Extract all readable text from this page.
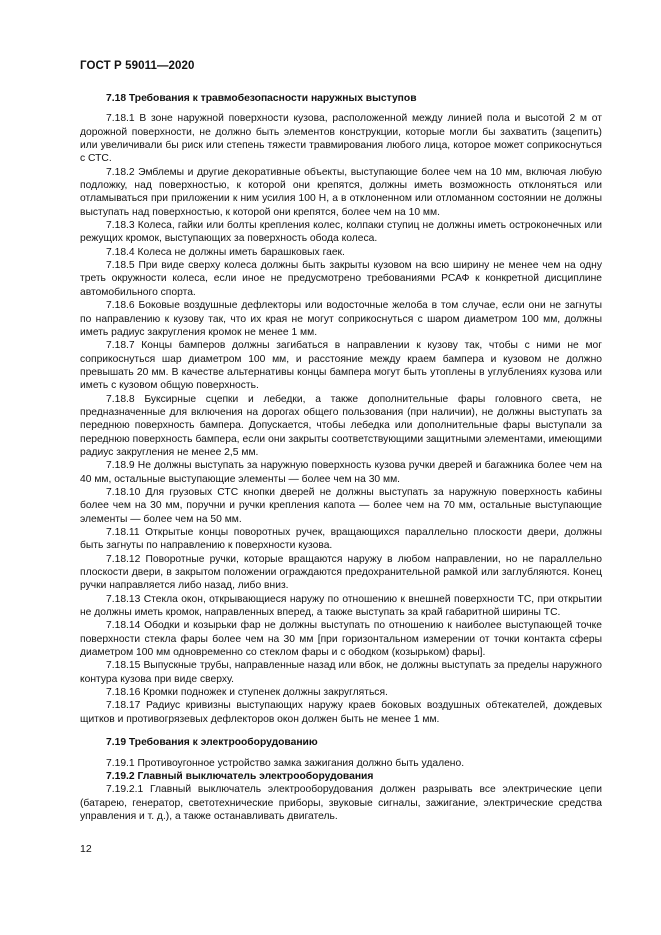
ГОСТ Р 59011—2020
7.18 Требования к травмобезопасности наружных выступов

7.18.1 В зоне наружной поверхности кузова, расположенной между линией пола и высотой 2 м от дорожной поверхности, не должно быть элементов конструкции, которые могли бы захватить (зацепить) или увеличивали бы риск или степень тяжести травмирования любого лица, которое может соприкоснуться с СТС.

7.18.2 Эмблемы и другие декоративные объекты, выступающие более чем на 10 мм, включая любую подложку, над поверхностью, к которой они крепятся, должны иметь возможность отклоняться или отламываться при приложении к ним усилия 100 Н, а в отклоненном или отломанном состоянии не должны выступать над поверхностью, к которой они крепятся, более чем на 10 мм.

7.18.3 Колеса, гайки или болты крепления колес, колпаки ступиц не должны иметь остроконечных или режущих кромок, выступающих за поверхность обода колеса.

7.18.4 Колеса не должны иметь барашковых гаек.

7.18.5 При виде сверху колеса должны быть закрыты кузовом на всю ширину не менее чем на одну треть окружности колеса, если иное не предусмотрено требованиями РСАФ к конкретной дисциплине автомобильного спорта.

7.18.6 Боковые воздушные дефлекторы или водосточные желоба в том случае, если они не загнуты по направлению к кузову так, что их края не могут соприкоснуться с шаром диаметром 100 мм, должны иметь радиус закругления кромок не менее 1 мм.

7.18.7 Концы бамперов должны загибаться в направлении к кузову так, чтобы с ними не мог соприкоснуться шар диаметром 100 мм, и расстояние между краем бампера и кузовом не должно превышать 20 мм. В качестве альтернативы концы бампера могут быть утоплены в углублениях кузова или иметь с кузовом общую поверхность.

7.18.8 Буксирные сцепки и лебедки, а также дополнительные фары головного света, не предназначенные для включения на дорогах общего пользования (при наличии), не должны выступать за переднюю поверхность бампера. Допускается, чтобы лебедка или дополнительные фары выступали за переднюю поверхность бампера, если они закрыты соответствующими защитными элементами, имеющими радиус закругления не менее 2,5 мм.

7.18.9 Не должны выступать за наружную поверхность кузова ручки дверей и багажника более чем на 40 мм, остальные выступающие элементы — более чем на 30 мм.

7.18.10 Для грузовых СТС кнопки дверей не должны выступать за наружную поверхность кабины более чем на 30 мм, поручни и ручки крепления капота — более чем на 70 мм, остальные выступающие элементы — более чем на 50 мм.

7.18.11 Открытые концы поворотных ручек, вращающихся параллельно плоскости двери, должны быть загнуты по направлению к поверхности кузова.

7.18.12 Поворотные ручки, которые вращаются наружу в любом направлении, но не параллельно плоскости двери, в закрытом положении ограждаются предохранительной рамкой или заглубляются. Конец ручки направляется либо назад, либо вниз.

7.18.13 Стекла окон, открывающиеся наружу по отношению к внешней поверхности ТС, при открытии не должны иметь кромок, направленных вперед, а также выступать за край габаритной ширины ТС.

7.18.14 Ободки и козырьки фар не должны выступать по отношению к наиболее выступающей точке поверхности стекла фары более чем на 30 мм [при горизонтальном измерении от точки контакта сферы диаметром 100 мм одновременно со стеклом фары и с ободком (козырьком) фары].

7.18.15 Выпускные трубы, направленные назад или вбок, не должны выступать за пределы наружного контура кузова при виде сверху.

7.18.16 Кромки подножек и ступенек должны закругляться.

7.18.17 Радиус кривизны выступающих наружу краев боковых воздушных обтекателей, дождевых щитков и противогрязевых дефлекторов окон должен быть не менее 1 мм.

7.19 Требования к электрооборудованию

7.19.1 Противоугонное устройство замка зажигания должно быть удалено.

7.19.2 Главный выключатель электрооборудования

7.19.2.1 Главный выключатель электрооборудования должен разрывать все электрические цепи (батарею, генератор, светотехнические приборы, звуковые сигналы, зажигание, электрические средства управления и т. д.), а также останавливать двигатель.

12
